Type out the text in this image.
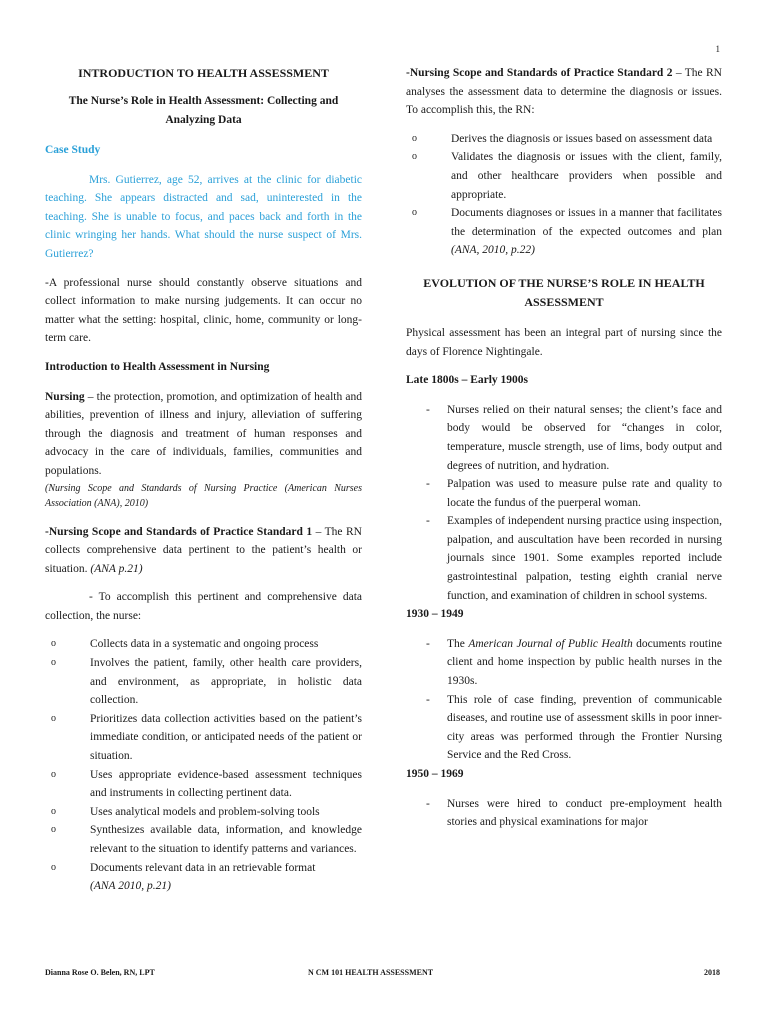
1

INTRODUCTION TO HEALTH ASSESSMENT

The Nurse’s Role in Health Assessment: Collecting and Analyzing Data

Case Study

Mrs. Gutierrez, age 52, arrives at the clinic for diabetic teaching. She appears distracted and sad, uninterested in the teaching. She is unable to focus, and paces back and forth in the clinic wringing her hands. What should the nurse suspect of Mrs. Gutierrez?

-A professional nurse should constantly observe situations and collect information to make nursing judgements. It can occur no matter what the setting: hospital, clinic, home, community or long-term care.

Introduction to Health Assessment in Nursing

Nursing – the protection, promotion, and optimization of health and abilities, prevention of illness and injury, alleviation of suffering through the diagnosis and treatment of human responses and advocacy in the care of individuals, families, communities and populations.

(Nursing Scope and Standards of Nursing Practice (American Nurses Association (ANA), 2010)

-Nursing Scope and Standards of Practice Standard 1 – The RN collects comprehensive data pertinent to the patient’s health or situation. (ANA p.21)

- To accomplish this pertinent and comprehensive data collection, the nurse:

o Collects data in a systematic and ongoing process
o Involves the patient, family, other health care providers, and environment, as appropriate, in holistic data collection.
o Prioritizes data collection activities based on the patient’s immediate condition, or anticipated needs of the patient or situation.
o Uses appropriate evidence-based assessment techniques and instruments in collecting pertinent data.
o Uses analytical models and problem-solving tools
o Synthesizes available data, information, and knowledge relevant to the situation to identify patterns and variances.
o Documents relevant data in an retrievable format
(ANA 2010, p.21)

-Nursing Scope and Standards of Practice Standard 2 – The RN analyses the assessment data to determine the diagnosis or issues. To accomplish this, the RN:

o Derives the diagnosis or issues based on assessment data
o Validates the diagnosis or issues with the client, family, and other healthcare providers when possible and appropriate.
o Documents diagnoses or issues in a manner that facilitates the determination of the expected outcomes and plan (ANA, 2010, p.22)

EVOLUTION OF THE NURSE’S ROLE IN HEALTH ASSESSMENT

Physical assessment has been an integral part of nursing since the days of Florence Nightingale.

Late 1800s – Early 1900s

- Nurses relied on their natural senses; the client’s face and body would be observed for “changes in color, temperature, muscle strength, use of lims, body output and degrees of nutrition, and hydration.
- Palpation was used to measure pulse rate and quality to locate the fundus of the puerperal woman.
- Examples of independent nursing practice using inspection, palpation, and auscultation have been recorded in nursing journals since 1901. Some examples reported include gastrointestinal palpation, testing eighth cranial nerve function, and examination of children in school systems.

1930 – 1949

- The American Journal of Public Health documents routine client and home inspection by public health nurses in the 1930s.
- This role of case finding, prevention of communicable diseases, and routine use of assessment skills in poor inner-city areas was performed through the Frontier Nursing Service and the Red Cross.

1950 – 1969

- Nurses were hired to conduct pre-employment health stories and physical examinations for major
Dianna Rose O. Belen, RN, LPT	N CM 101 HEALTH ASSESSMENT	2018
